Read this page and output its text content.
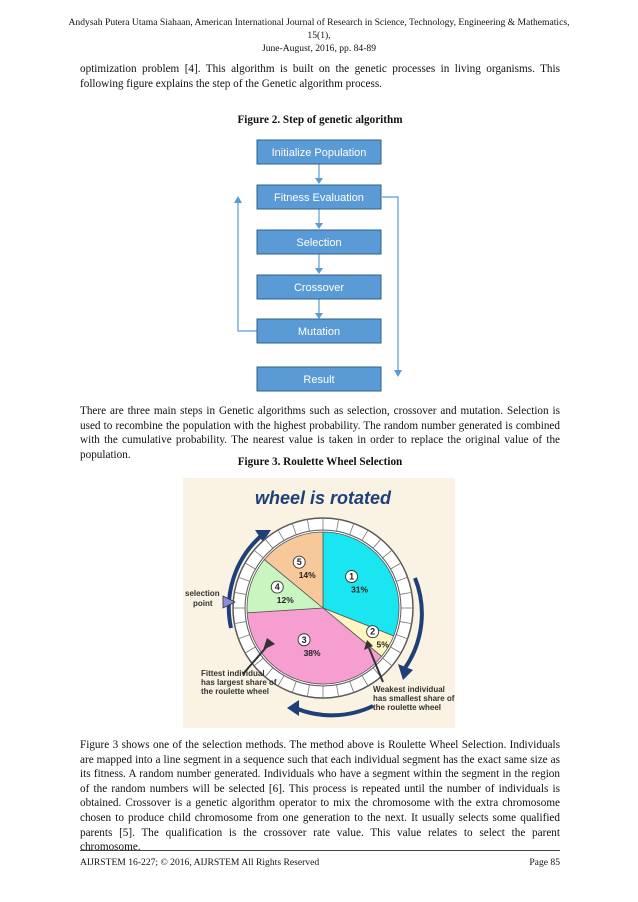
Andysah Putera Utama Siahaan, American International Journal of Research in Science, Technology, Engineering & Mathematics, 15(1),
June-August, 2016, pp. 84-89
optimization problem [4]. This algorithm is built on the genetic processes in living organisms. This following figure explains the step of the Genetic algorithm process.
Figure 2. Step of genetic algorithm
Initialize Population
Fitness Evaluation
Selection
Crossover
Mutation
Result
There are three main steps in Genetic algorithms such as selection, crossover and mutation. Selection is used to recombine the population with the highest probability. The random number generated is combined with the cumulative probability. The nearest value is taken in order to replace the original value of the population.
Figure 3. Roulette Wheel Selection
wheel is rotated
1
31%
2
5%
3
38%
4
12%
5
14%
selection
point
Fittest individual
has largest share of
the roulette wheel	Weakest individual
has smallest share of
the roulette wheel
Figure 3 shows one of the selection methods. The method above is Roulette Wheel Selection. Individuals are mapped into a line segment in a sequence such that each individual segment has the exact same size as its fitness. A random number generated. Individuals who have a segment within the segment in the region of the random numbers will be selected [6]. This process is repeated until the number of individuals is obtained. Crossover is a genetic algorithm operator to mix the chromosome with the extra chromosome chosen to produce child chromosome from one generation to the next. It usually selects some qualified parents [5]. The qualification is the crossover rate value. This value relates to select the parent chromosome.
AIJRSTEM 16-227; © 2016, AIJRSTEM All Rights Reserved	Page 85
